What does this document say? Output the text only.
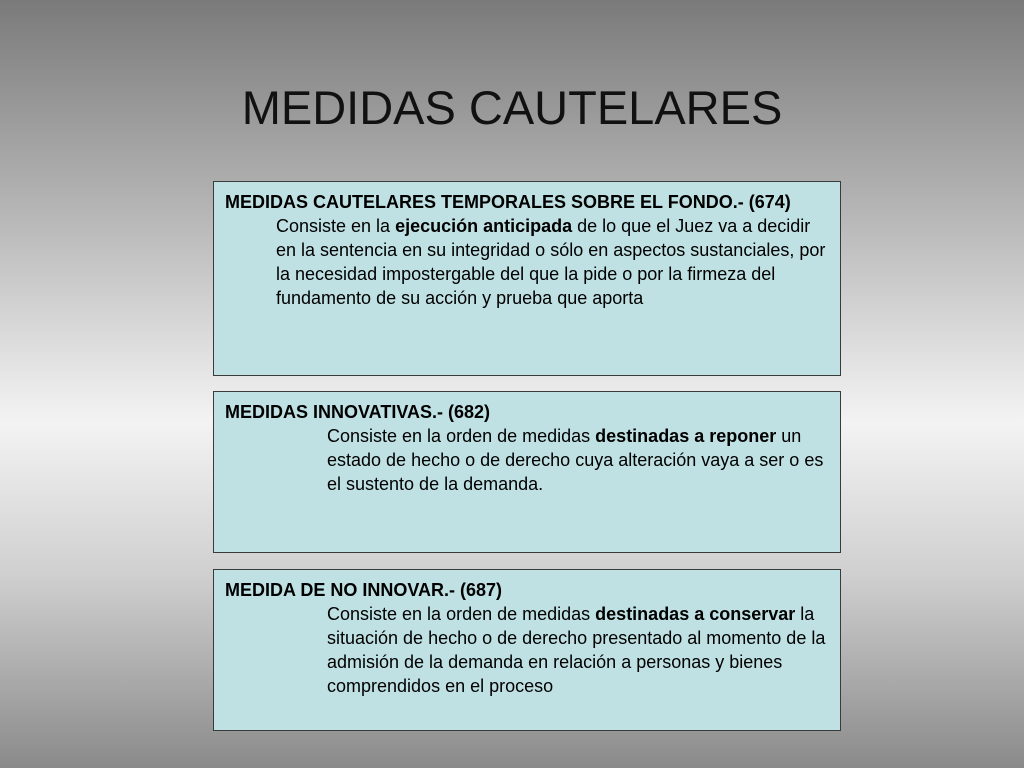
MEDIDAS CAUTELARES
MEDIDAS CAUTELARES TEMPORALES SOBRE EL FONDO.- (674)
Consiste en la ejecución anticipada de lo que el Juez va a decidir en la sentencia en su integridad o sólo en aspectos sustanciales, por la necesidad impostergable del que la pide o por la firmeza del fundamento de su acción y prueba que aporta
MEDIDAS INNOVATIVAS.- (682)
Consiste en la orden de medidas destinadas a reponer un estado de hecho o de derecho cuya alteración vaya a ser o es el sustento de la demanda.
MEDIDA DE NO INNOVAR.- (687)
Consiste en la orden de medidas destinadas a conservar la situación de hecho o de derecho presentado al momento de la admisión de la demanda en relación a personas y bienes comprendidos en el proceso
